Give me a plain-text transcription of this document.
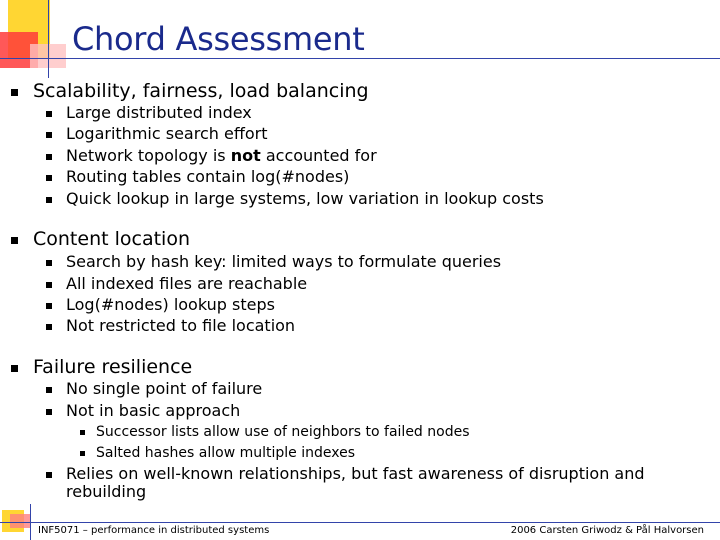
Chord Assessment
Scalability, fairness, load balancing
Large distributed index
Logarithmic search effort
Network topology is not accounted for
Routing tables contain log(#nodes)
Quick lookup in large systems, low variation in lookup costs
Content location
Search by hash key: limited ways to formulate queries
All indexed files are reachable
Log(#nodes) lookup steps
Not restricted to file location
Failure resilience
No single point of failure
Not in basic approach
Successor lists allow use of neighbors to failed nodes
Salted hashes allow multiple indexes
Relies on well-known relationships, but fast awareness of disruption and
rebuilding
INF5071 – performance in distributed systems	2006 Carsten Griwodz & Pål Halvorsen
